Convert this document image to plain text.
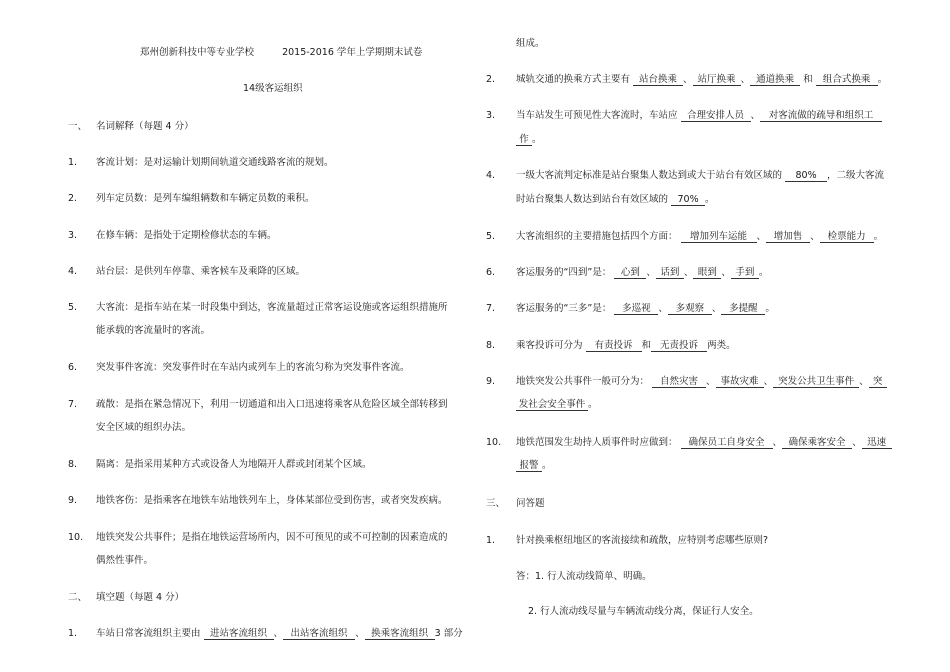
郑州创新科技中等专业学校	2015-2016 学年上学期期末试卷
14级客运组织
一、 名词解释（每题 4 分）
1. 客流计划：是对运输计划期间轨道交通线路客流的规划。
2. 列车定员数：是列车编组辆数和车辆定员数的乘积。
3. 在修车辆：是指处于定期检修状态的车辆。
4. 站台层：是供列车停靠、乘客候车及乘降的区域。
5. 大客流：是指车站在某一时段集中到达，客流量超过正常客运设施或客运组织措施所
能承载的客流量时的客流。
6. 突发事件客流：突发事件时在车站内或列车上的客流匀称为突发事件客流。
7. 疏散：是指在紧急情况下，利用一切通道和出入口迅速将乘客从危险区域全部转移到
安全区域的组织办法。
8. 隔离：是指采用某种方式或设备人为地隔开人群或封闭某个区域。
9. 地铁客伤：是指乘客在地铁车站地铁列车上，身体某部位受到伤害，或者突发疾病。
10. 地铁突发公共事件；是指在地铁运营场所内，因不可预见的或不可控制的因素造成的
偶然性事件。
二、 填空题（每题 4 分）
1. 车站日常客流组织主要由 进站客流组织 、 出站客流组织 、 换乘客流组织 3 部分
组成。
2. 城轨交通的换乘方式主要有 站台换乘 、 站厅换乘 、 通道换乘 和 组合式换乘 。
3. 当车站发生可预见性大客流时，车站应 合理安排人员 、 对客流做的疏导和组织工
作 。
4. 一级大客流判定标准是站台聚集人数达到或大于站台有效区域的 80% ，二级大客流
时站台聚集人数达到站台有效区域的 70% 。
5. 大客流组织的主要措施包括四个方面： 增加列车运能 、 增加售 、 检票能力 。
6. 客运服务的“四到”是： 心到 、 话到 、 眼到 、 手到 。
7. 客运服务的“三多”是： 多巡视 、 多观察 、 多提醒 。
8. 乘客投诉可分为 有责投诉 和 无责投诉 两类。
9. 地铁突发公共事件一般可分为： 自然灾害 、 事故灾难 、 突发公共卫生事件 、 突
发社会安全事件 。
10. 地铁范围发生劫持人质事件时应做到： 确保员工自身安全 、 确保乘客安全 、 迅速
报警 。
三、 问答题
1. 针对换乘枢纽地区的客流接续和疏散，应特别考虑哪些原则?
答：1. 行人流动线简单、明确。
2. 行人流动线尽量与车辆流动线分离，保证行人安全。
